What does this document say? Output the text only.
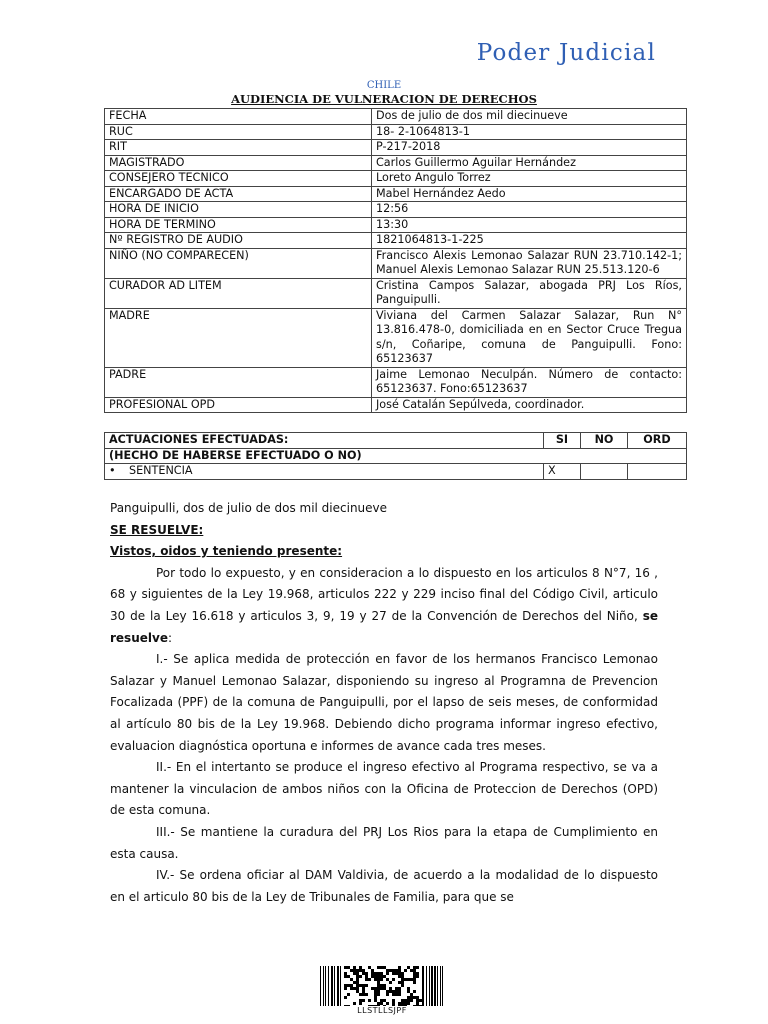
Poder Judicial
CHILE
AUDIENCIA DE VULNERACION DE DERECHOS
FECHA	Dos de julio de dos mil diecinueve
RUC	18- 2-1064813-1
RIT	P-217-2018
MAGISTRADO	Carlos Guillermo Aguilar Hernández
CONSEJERO TECNICO	Loreto Angulo Torrez
ENCARGADO DE ACTA	Mabel Hernández Aedo
HORA DE INICIO	12:56
HORA DE TERMINO	13:30
Nº REGISTRO DE AUDIO	1821064813-1-225
NIÑO (NO COMPARECEN)	Francisco Alexis Lemonao Salazar RUN 23.710.142-1; Manuel Alexis Lemonao Salazar RUN 25.513.120-6
CURADOR AD LITEM	Cristina Campos Salazar, abogada PRJ Los Ríos, Panguipulli.
MADRE	Viviana del Carmen Salazar Salazar, Run N° 13.816.478-0, domiciliada en en Sector Cruce Tregua s/n, Coñaripe, comuna de Panguipulli. Fono: 65123637
PADRE	Jaime Lemonao Neculpán. Número de contacto: 65123637. Fono:65123637
PROFESIONAL OPD	José Catalán Sepúlveda, coordinador.
ACTUACIONES EFECTUADAS:	SI	NO	ORD
(HECHO DE HABERSE EFECTUADO O NO)			
• SENTENCIA	X		

Panguipulli, dos de julio de dos mil diecinueve

SE RESUELVE:

Vistos, oidos y teniendo presente:

Por todo lo expuesto, y en consideracion a lo dispuesto en los articulos 8 N°7, 16 , 68 y siguientes de la Ley 19.968, articulos 222 y 229 inciso final del Código Civil, articulo 30 de la Ley 16.618 y articulos 3, 9, 19 y 27 de la Convención de Derechos del Niño, se resuelve:

I.- Se aplica medida de protección en favor de los hermanos Francisco Lemonao Salazar y Manuel Lemonao Salazar, disponiendo su ingreso al Programna de Prevencion Focalizada (PPF) de la comuna de Panguipulli, por el lapso de seis meses, de conformidad al artículo 80 bis de la Ley 19.968. Debiendo dicho programa informar ingreso efectivo, evaluacion diagnóstica oportuna e informes de avance cada tres meses.

II.- En el intertanto se produce el ingreso efectivo al Programa respectivo, se va a mantener la vinculacion de ambos niños con la Oficina de Proteccion de Derechos (OPD) de esta comuna.

III.- Se mantiene la curadura del PRJ Los Rios para la etapa de Cumplimiento en esta causa.

IV.- Se ordena oficiar al DAM Valdivia, de acuerdo a la modalidad de lo dispuesto en el articulo 80 bis de la Ley de Tribunales de Familia, para que se

LLSTLLSJPF
